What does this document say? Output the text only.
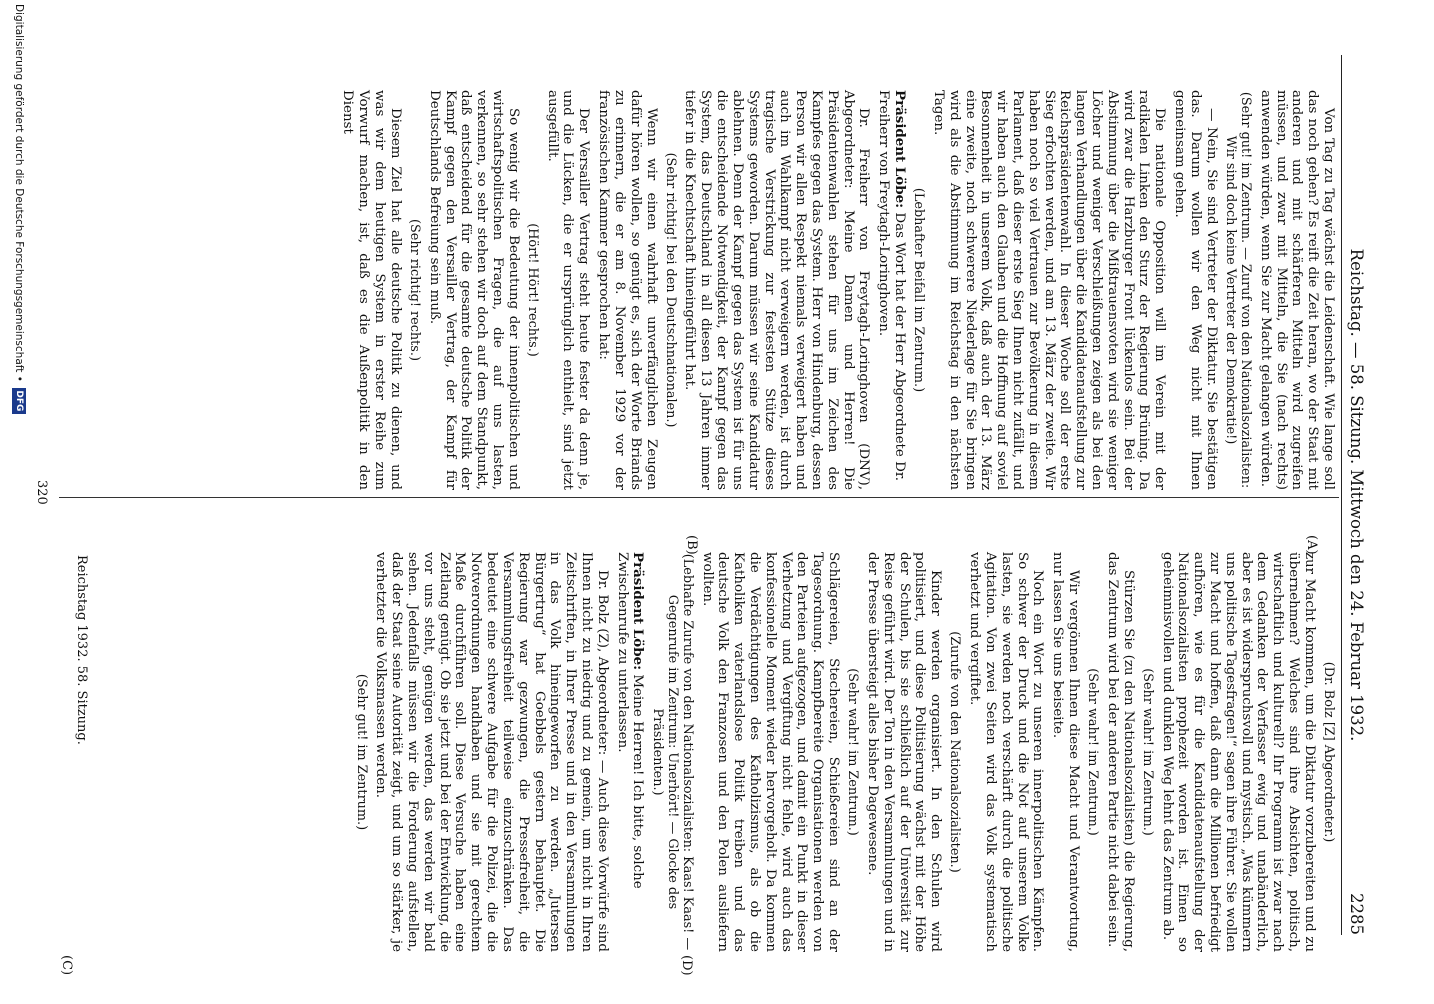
Reichstag. — 58. Sitzung. Mittwoch den 24. Februar 1932.
2285
(A)
(B)
(C)	(D)

(Dr. Bolz [Z] Abgeordneter.)

zur Macht kommen, um die Diktatur vorzubereiten und zu übernehmen? Welches sind ihre Absichten, politisch, wirtschaftlich und kulturell? Ihr Programm ist zwar nach dem Gedanken der Verfasser ewig und unabänderlich, aber es ist widerspruchsvoll und mystisch. „Was kümmern uns politische Tagesfragen!“ sagen ihre Führer. Sie wollen zur Macht und hoffen, daß dann die Millionen befriedigt aufhören, wie es für die Kandidatenaufstellung der Nationalsozialisten prophezeit worden ist. Einen so geheimnisvollen und dunklen Weg lehnt das Zentrum ab.

(Sehr wahr! im Zentrum.)

Stürzen Sie (zu den Nationalsozialisten) die Regierung, das Zentrum wird bei der anderen Partie nicht dabei sein.

(Sehr wahr! im Zentrum.)

Wir vergönnen Ihnen diese Macht und Verantwortung, nur lassen Sie uns beiseite.

Noch ein Wort zu unseren innerpolitischen Kämpfen. So schwer der Druck und die Not auf unserem Volke lasten, sie werden noch verschärft durch die politische Agitation. Von zwei Seiten wird das Volk systematisch verhetzt und vergiftet.

(Zurufe von den Nationalsozialisten.)

Kinder werden organisiert. In den Schulen wird politisiert, und diese Politisierung wächst mit der Höhe der Schulen, bis sie schließlich auf der Universität zur Reise geführt wird. Der Ton in den Versammlungen und in der Presse übersteigt alles bisher Dagewesene.

(Sehr wahr! im Zentrum.)

Schlägereien, Stechereien, Schießereien sind an der Tagesordnung. Kampfbereite Organisationen werden von den Parteien aufgezogen, und damit ein Punkt in dieser Verhetzung und Vergiftung nicht fehle, wird auch das konfessionelle Moment wieder hervorgeholt. Da kommen die Verdächtigungen des Katholizismus, als ob die Katholiken vaterlandslose Politik treiben und das deutsche Volk den Franzosen und den Polen ausliefern wollten.

(Lebhafte Zurufe von den Nationalsozialisten: Kaas! Kaas! — Gegenrufe im Zentrum: Unerhört! — Glocke des Präsidenten.)

Präsident Löbe: Meine Herren! Ich bitte, solche Zwischenrufe zu unterlassen.

Dr. Bolz (Z), Abgeordneter: — Auch diese Vorwürfe sind Ihnen nicht zu niedrig und zu gemein, um nicht in Ihren Zeitschriften, in Ihrer Presse und in den Versammlungen in das Volk hineingeworfen zu werden. „Jutersen Bürgertrug“ hat Goebbels gestern behauptet. Die Regierung war gezwungen, die Pressefreiheit, die Versammlungsfreiheit teilweise einzuschränken. Das bedeutet eine schwere Aufgabe für die Polizei, die die Notverordnungen handhaben und sie mit gerechtem Maße durchführen soll. Diese Versuche haben eine Zeitlang genügt. Ob sie jetzt und bei der Entwicklung, die vor uns steht, genügen werden, das werden wir bald sehen. Jedenfalls müssen wir die Forderung aufstellen, daß der Staat seine Autorität zeigt, und um so stärker, je verhetzter die Volksmassen werden.

(Sehr gut! im Zentrum.)

Von Tag zu Tag wächst die Leidenschaft. Wie lange soll das noch gehen? Es reift die Zeit heran, wo der Staat mit anderen und mit schärferen Mitteln wird zugreifen müssen, und zwar mit Mitteln, die Sie (nach rechts) anwenden würden, wenn Sie zur Macht gelangen würden.

(Sehr gut! im Zentrum. — Zuruf von den Nationalsozialisten: Wir sind doch keine Vertreter der Demokratie!)

— Nein, Sie sind Vertreter der Diktatur. Sie bestätigen das. Darum wollen wir den Weg nicht mit Ihnen gemeinsam gehen.

Die nationale Opposition will im Verein mit der radikalen Linken den Sturz der Regierung Brüning. Da wird zwar die Harzburger Front lückenlos sein. Bei der Abstimmung über die Mißtrauensvoten wird sie weniger Löcher und weniger Verschleißungen zeigen als bei den langen Verhandlungen über die Kandidatenaufstellung zur Reichspräsidentenwahl. In dieser Woche soll der erste Sieg erfochten werden, und am 13. März der zweite. Wir haben noch so viel Vertrauen zur Bevölkerung in diesem Parlament, daß dieser erste Sieg Ihnen nicht zufällt, und wir haben auch den Glauben und die Hoffnung auf soviel Besonnenheit in unserem Volk, daß auch der 13. März eine zweite, noch schwerere Niederlage für Sie bringen wird als die Abstimmung im Reichstag in den nächsten Tagen.

(Lebhafter Beifall im Zentrum.)

Präsident Löbe: Das Wort hat der Herr Abgeordnete Dr. Freiherr von Freytagh-Loringhoven.

Dr. Freiherr von Freytagh-Loringhoven (DNV), Abgeordneter: Meine Damen und Herren! Die Präsidentenwahlen stehen für uns im Zeichen des Kampfes gegen das System. Herr von Hindenburg, dessen Person wir allen Respekt niemals verweigert haben und auch im Wahlkampf nicht verweigern werden, ist durch tragische Verstrickung zur festesten Stütze dieses Systems geworden. Darum müssen wir seine Kandidatur ablehnen. Denn der Kampf gegen das System ist für uns die entscheidende Notwendigkeit, der Kampf gegen das System, das Deutschland in all diesen 13 Jahren immer tiefer in die Knechtschaft hineingeführt hat.

(Sehr richtig! bei den Deutschnationalen.)

Wenn wir einen wahrhaft unverfänglichen Zeugen dafür hören wollen, so genügt es, sich der Worte Briands zu erinnern, die er am 8. November 1929 vor der französischen Kammer gesprochen hat:

Der Versailler Vertrag steht heute fester da denn je, und die Lücken, die er ursprünglich enthielt, sind jetzt ausgefüllt.

(Hört! Hört! rechts.)

So wenig wir die Bedeutung der innenpolitischen und wirtschaftspolitischen Fragen, die auf uns lasten, verkennen, so sehr stehen wir doch auf dem Standpunkt, daß entscheidend für die gesamte deutsche Politik der Kampf gegen den Versailler Vertrag, der Kampf für Deutschlands Befreiung sein muß.

(Sehr richtig! rechts.)

Diesem Ziel hat alle deutsche Politik zu dienen, und was wir dem heutigen System in erster Reihe zum Vorwurf machen, ist, daß es die Außenpolitik in den Dienst

Reichstag 1932. 58. Sitzung.
320
Digitalisierung gefördert durch die Deutsche Forschungsgemeinschaft •
DFG
